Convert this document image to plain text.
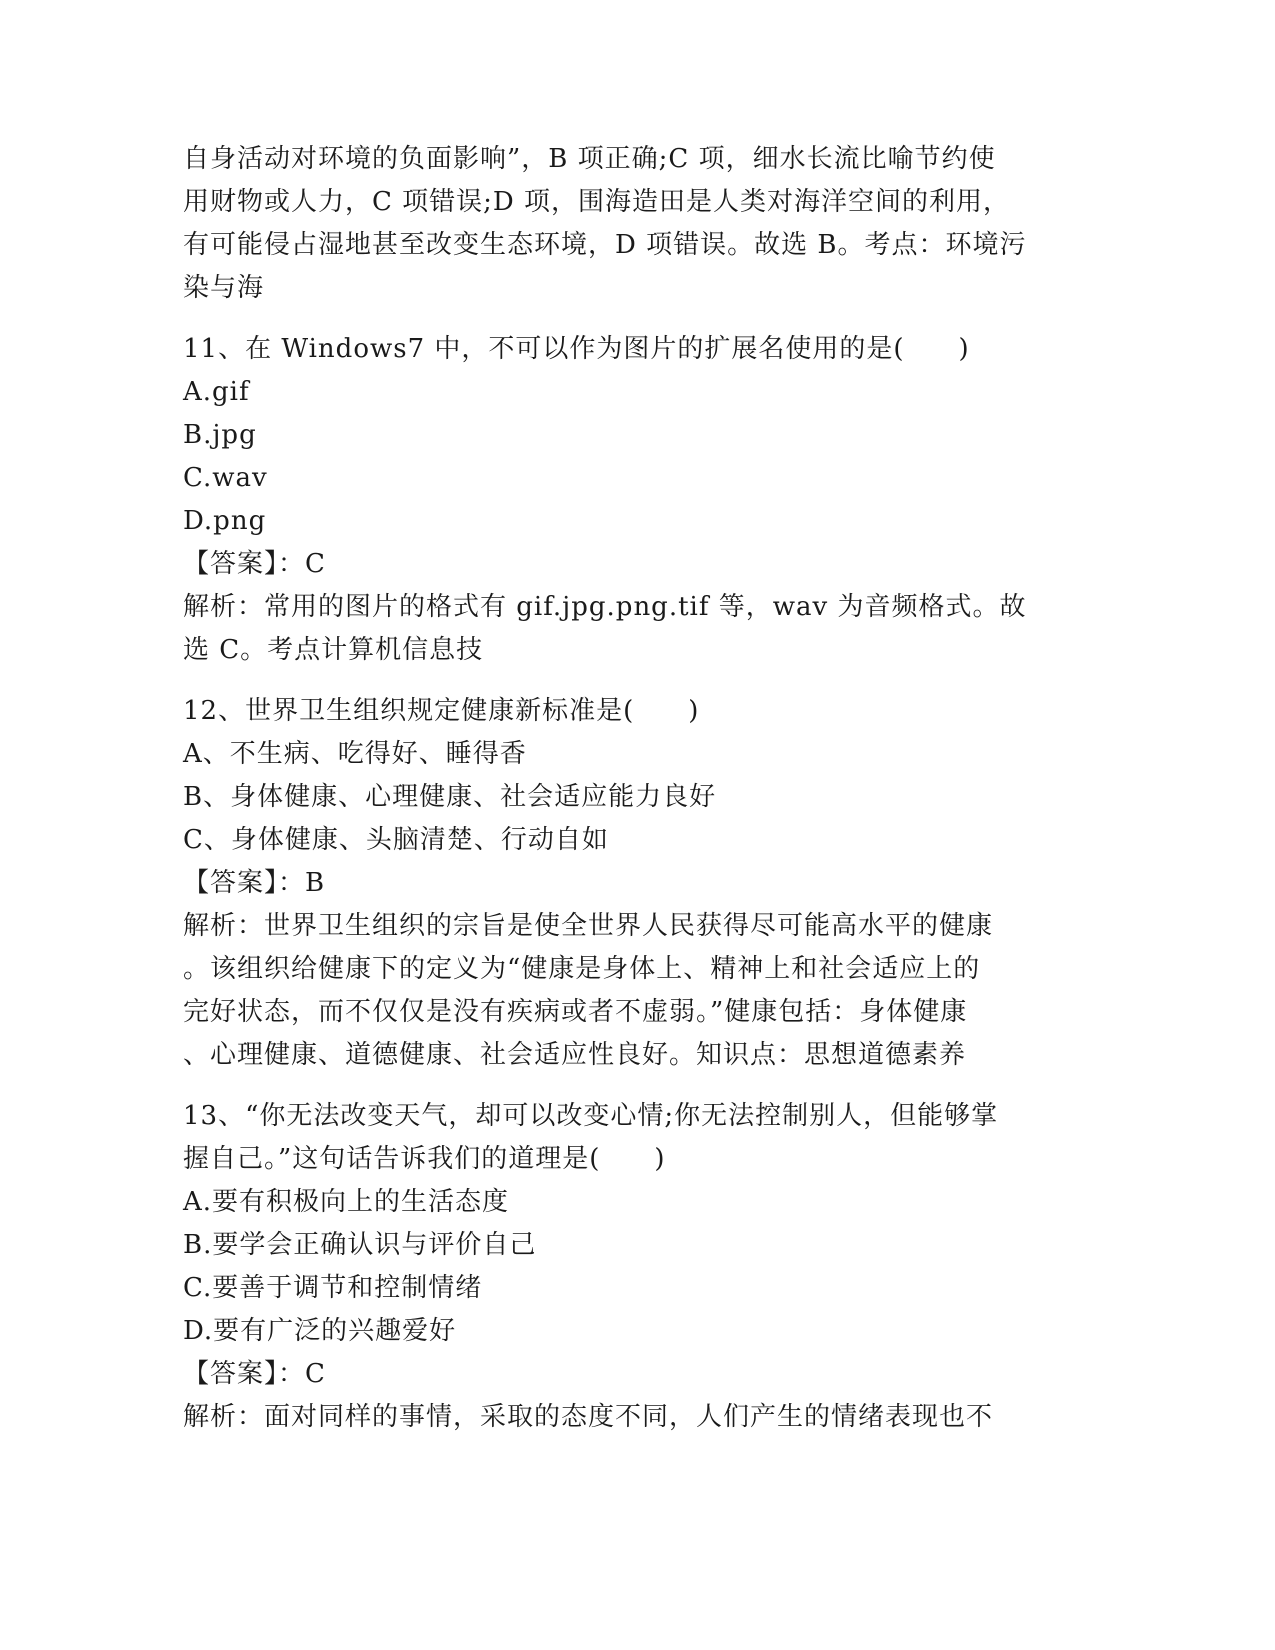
自身活动对环境的负面影响”，B 项正确;C 项，细水长流比喻节约使
用财物或人力，C 项错误;D 项，围海造田是人类对海洋空间的利用，
有可能侵占湿地甚至改变生态环境，D 项错误。故选 B。考点：环境污
染与海
11、在 Windows7 中，不可以作为图片的扩展名使用的是(　　)
A.gif
B.jpg
C.wav
D.png
【答案】：C
解析：常用的图片的格式有 gif.jpg.png.tif 等，wav 为音频格式。故
选 C。考点计算机信息技
12、世界卫生组织规定健康新标准是(　　)
A、不生病、吃得好、睡得香
B、身体健康、心理健康、社会适应能力良好
C、身体健康、头脑清楚、行动自如
【答案】：B
解析：世界卫生组织的宗旨是使全世界人民获得尽可能高水平的健康
。该组织给健康下的定义为“健康是身体上、精神上和社会适应上的
完好状态，而不仅仅是没有疾病或者不虚弱。”健康包括：身体健康
、心理健康、道德健康、社会适应性良好。知识点：思想道德素养
13、“你无法改变天气，却可以改变心情;你无法控制别人，但能够掌
握自己。”这句话告诉我们的道理是(　　)
A.要有积极向上的生活态度
B.要学会正确认识与评价自己
C.要善于调节和控制情绪
D.要有广泛的兴趣爱好
【答案】：C
解析：面对同样的事情，采取的态度不同，人们产生的情绪表现也不
